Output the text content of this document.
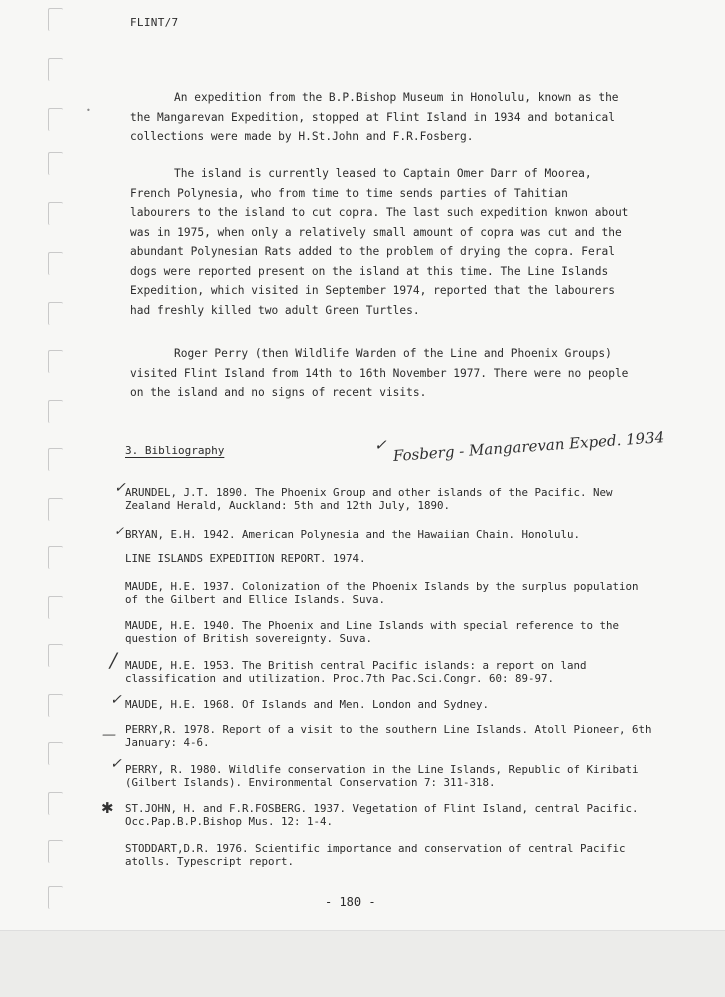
•
FLINT/7

An expedition from the B.P.Bishop Museum in Honolulu, known as the the Mangarevan Expedition, stopped at Flint Island in 1934 and botanical collections were made by H.St.John and F.R.Fosberg.

The island is currently leased to Captain Omer Darr of Moorea, French Polynesia, who from time to time sends parties of Tahitian labourers to the island to cut copra. The last such expedition knwon about was in 1975, when only a relatively small amount of copra was cut and the abundant Polynesian Rats added to the problem of drying the copra. Feral dogs were reported present on the island at this time. The Line Islands Expedition, which visited in September 1974, reported that the labourers had freshly killed two adult Green Turtles.

Roger Perry (then Wildlife Warden of the Line and Phoenix Groups) visited Flint Island from 14th to 16th November 1977. There were no people on the island and no signs of recent visits.

3. Bibliography	✓ Fosberg - Mangarevan Exped. 1934
✓ ARUNDEL, J.T. 1890. The Phoenix Group and other islands of the Pacific. New Zealand Herald, Auckland: 5th and 12th July, 1890.

✓ BRYAN, E.H. 1942. American Polynesia and the Hawaiian Chain. Honolulu.

LINE ISLANDS EXPEDITION REPORT. 1974.

MAUDE, H.E. 1937. Colonization of the Phoenix Islands by the surplus population of the Gilbert and Ellice Islands. Suva.

MAUDE, H.E. 1940. The Phoenix and Line Islands with special reference to the question of British sovereignty. Suva.

/ MAUDE, H.E. 1953. The British central Pacific islands: a report on land classification and utilization. Proc.7th Pac.Sci.Congr. 60: 89-97.

✓ MAUDE, H.E. 1968. Of Islands and Men. London and Sydney.

— PERRY,R. 1978. Report of a visit to the southern Line Islands. Atoll Pioneer, 6th January: 4-6.

✓ PERRY, R. 1980. Wildlife conservation in the Line Islands, Republic of Kiribati (Gilbert Islands). Environmental Conservation 7: 311-318.

✱ ST.JOHN, H. and F.R.FOSBERG. 1937. Vegetation of Flint Island, central Pacific. Occ.Pap.B.P.Bishop Mus. 12: 1-4.

STODDART,D.R. 1976. Scientific importance and conservation of central Pacific atolls. Typescript report.

- 180 -
